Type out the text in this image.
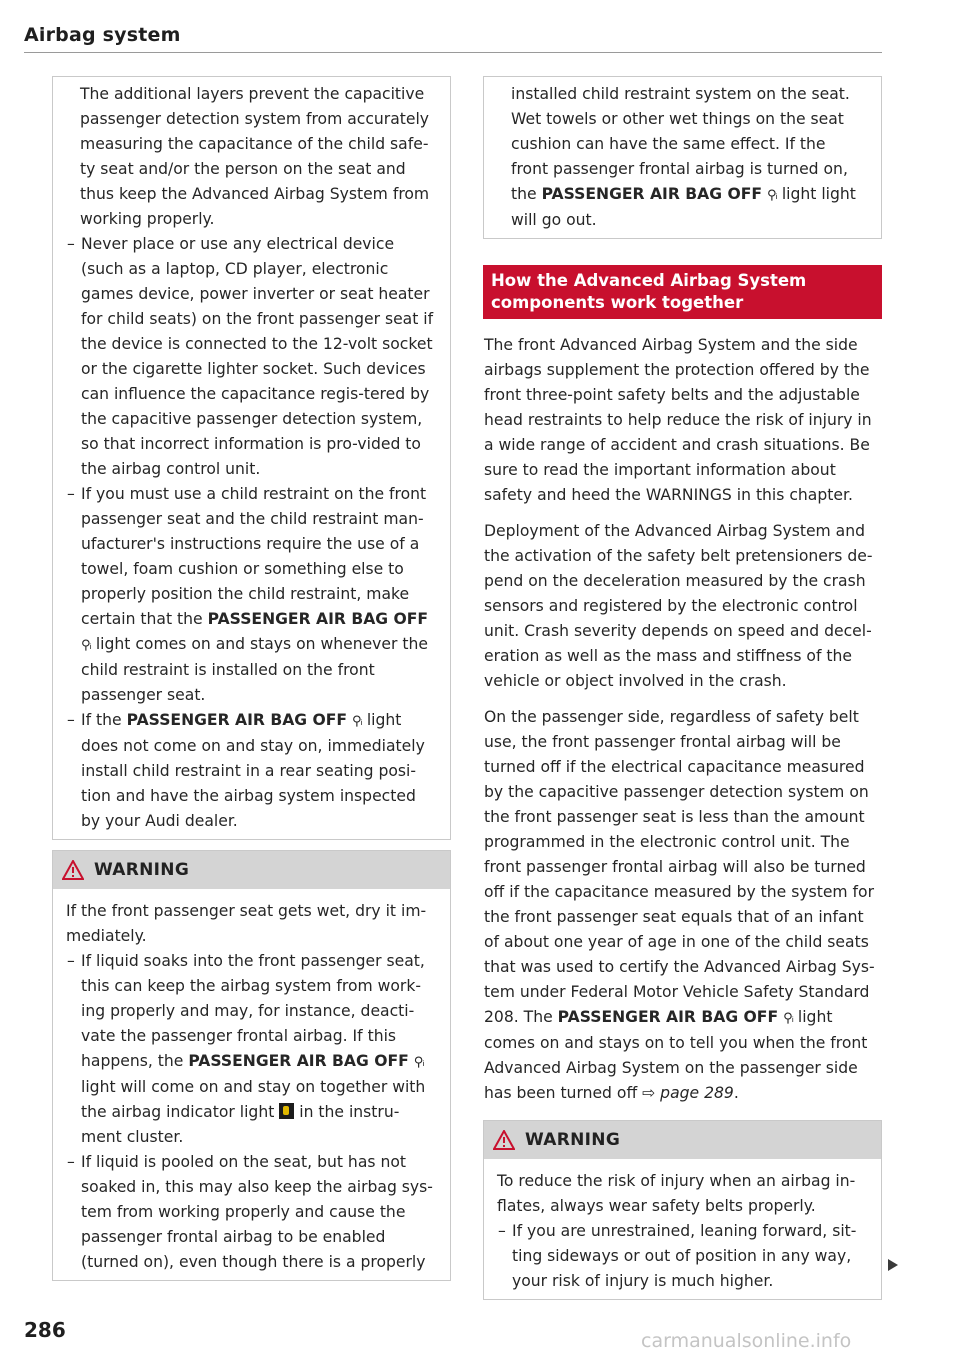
Airbag system
The additional layers prevent the capacitive passenger detection system from accurately measuring the capacitance of the child safe-ty seat and/or the person on the seat and thus keep the Advanced Airbag System from working properly.
– Never place or use any electrical device (such as a laptop, CD player, electronic games device, power inverter or seat heater for child seats) on the front passenger seat if the device is connected to the 12-volt socket or the cigarette lighter socket. Such devices can influence the capacitance regis-tered by the capacitive passenger detection system, so that incorrect information is pro-vided to the airbag control unit.
– If you must use a child restraint on the front passenger seat and the child restraint man-ufacturer's instructions require the use of a towel, foam cushion or something else to properly position the child restraint, make certain that the PASSENGER AIR BAG OFF ⚲ᵢ light comes on and stays on whenever the child restraint is installed on the front passenger seat.
– If the PASSENGER AIR BAG OFF ⚲ᵢ light does not come on and stay on, immediately install child restraint in a rear seating posi-tion and have the airbag system inspected by your Audi dealer.
WARNING
If the front passenger seat gets wet, dry it im-mediately.
– If liquid soaks into the front passenger seat, this can keep the airbag system from work-ing properly and may, for instance, deacti-vate the passenger frontal airbag. If this happens, the PASSENGER AIR BAG OFF ⚲ᵢ light will come on and stay on together with the airbag indicator light  in the instru-ment cluster.
– If liquid is pooled on the seat, but has not soaked in, this may also keep the airbag sys-tem from working properly and cause the passenger frontal airbag to be enabled (turned on), even though there is a properly
installed child restraint system on the seat. Wet towels or other wet things on the seat cushion can have the same effect. If the front passenger frontal airbag is turned on, the PASSENGER AIR BAG OFF ⚲ᵢ light light will go out.
How the Advanced Airbag System components work together
The front Advanced Airbag System and the side airbags supplement the protection offered by the front three-point safety belts and the adjustable head restraints to help reduce the risk of injury in a wide range of accident and crash situations. Be sure to read the important information about safety and heed the WARNINGS in this chapter.
Deployment of the Advanced Airbag System and the activation of the safety belt pretensioners de-pend on the deceleration measured by the crash sensors and registered by the electronic control unit. Crash severity depends on speed and decel-eration as well as the mass and stiffness of the vehicle or object involved in the crash.
On the passenger side, regardless of safety belt use, the front passenger frontal airbag will be turned off if the electrical capacitance measured by the capacitive passenger detection system on the front passenger seat is less than the amount programmed in the electronic control unit. The front passenger frontal airbag will also be turned off if the capacitance measured by the system for the front passenger seat equals that of an infant of about one year of age in one of the child seats that was used to certify the Advanced Airbag Sys-tem under Federal Motor Vehicle Safety Standard 208. The PASSENGER AIR BAG OFF ⚲ᵢ light comes on and stays on to tell you when the front Advanced Airbag System on the passenger side has been turned off ⇨ page 289.
WARNING
To reduce the risk of injury when an airbag in-flates, always wear safety belts properly.
– If you are unrestrained, leaning forward, sit-ting sideways or out of position in any way, your risk of injury is much higher.
286	carmanualsonline.info
